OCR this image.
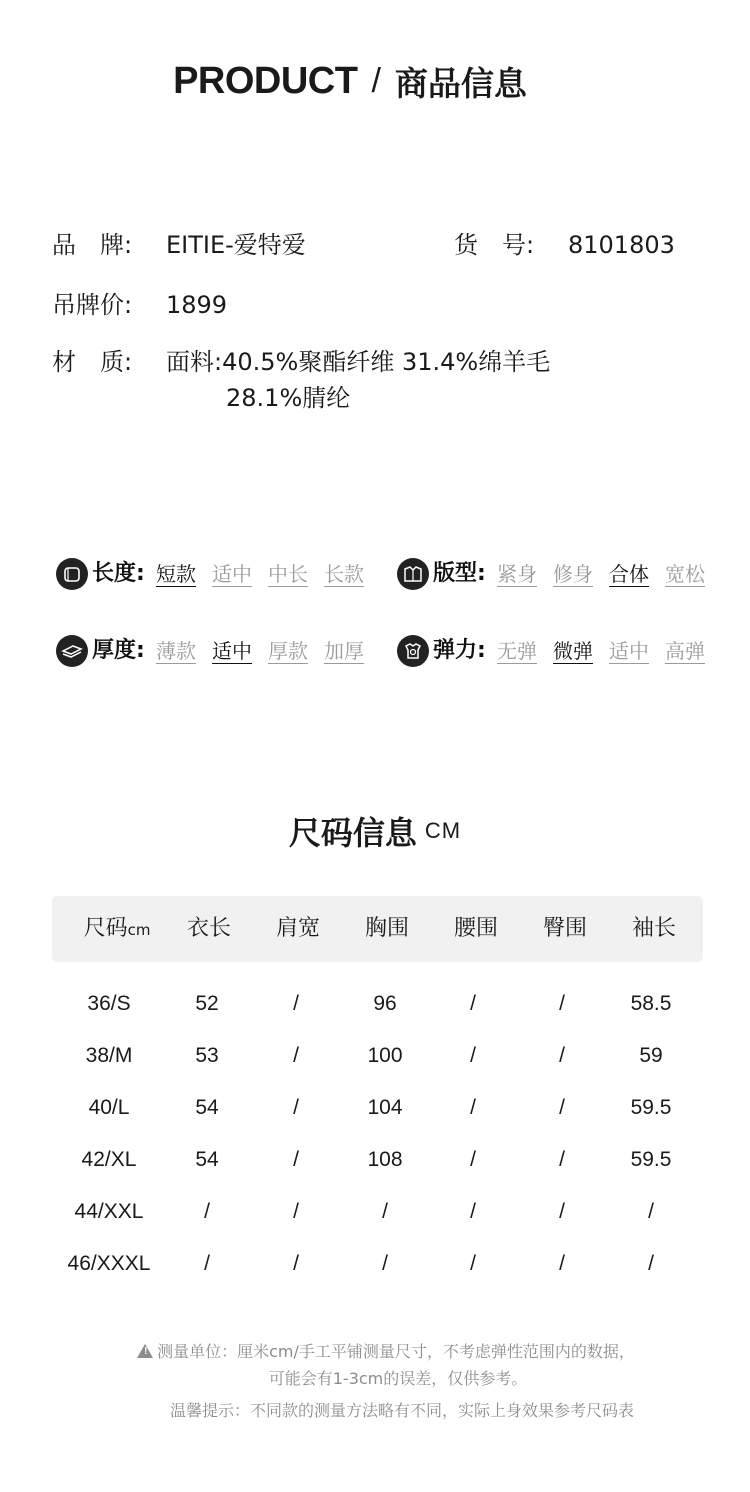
PRODUCT / 商品信息
品　牌: EITIE-爱特爱	货　号: 8101803
吊牌价: 1899
材　质: 面料:40.5%聚酯纤维 31.4%绵羊毛
28.1%腈纶
长度: 短款 适中 中长 长款	版型: 紧身 修身 合体 宽松
厚度: 薄款 适中 厚款 加厚	弹力: 无弹 微弹 适中 高弹
尺码信息 CM
尺码cm 衣长 肩宽 胸围 腰围 臀围 袖长
36/S	52	/	96	/	/	58.5
38/M	53	/	100	/	/	59
40/L	54	/	104	/	/	59.5
42/XL	54	/	108	/	/	59.5
44/XXL	/	/	/	/	/	/
46/XXXL	/	/	/	/	/	/
! 测量单位：厘米cm/手工平铺测量尺寸，不考虑弹性范围内的数据，
可能会有1-3cm的误差，仅供参考。
温馨提示：不同款的测量方法略有不同，实际上身效果参考尺码表
